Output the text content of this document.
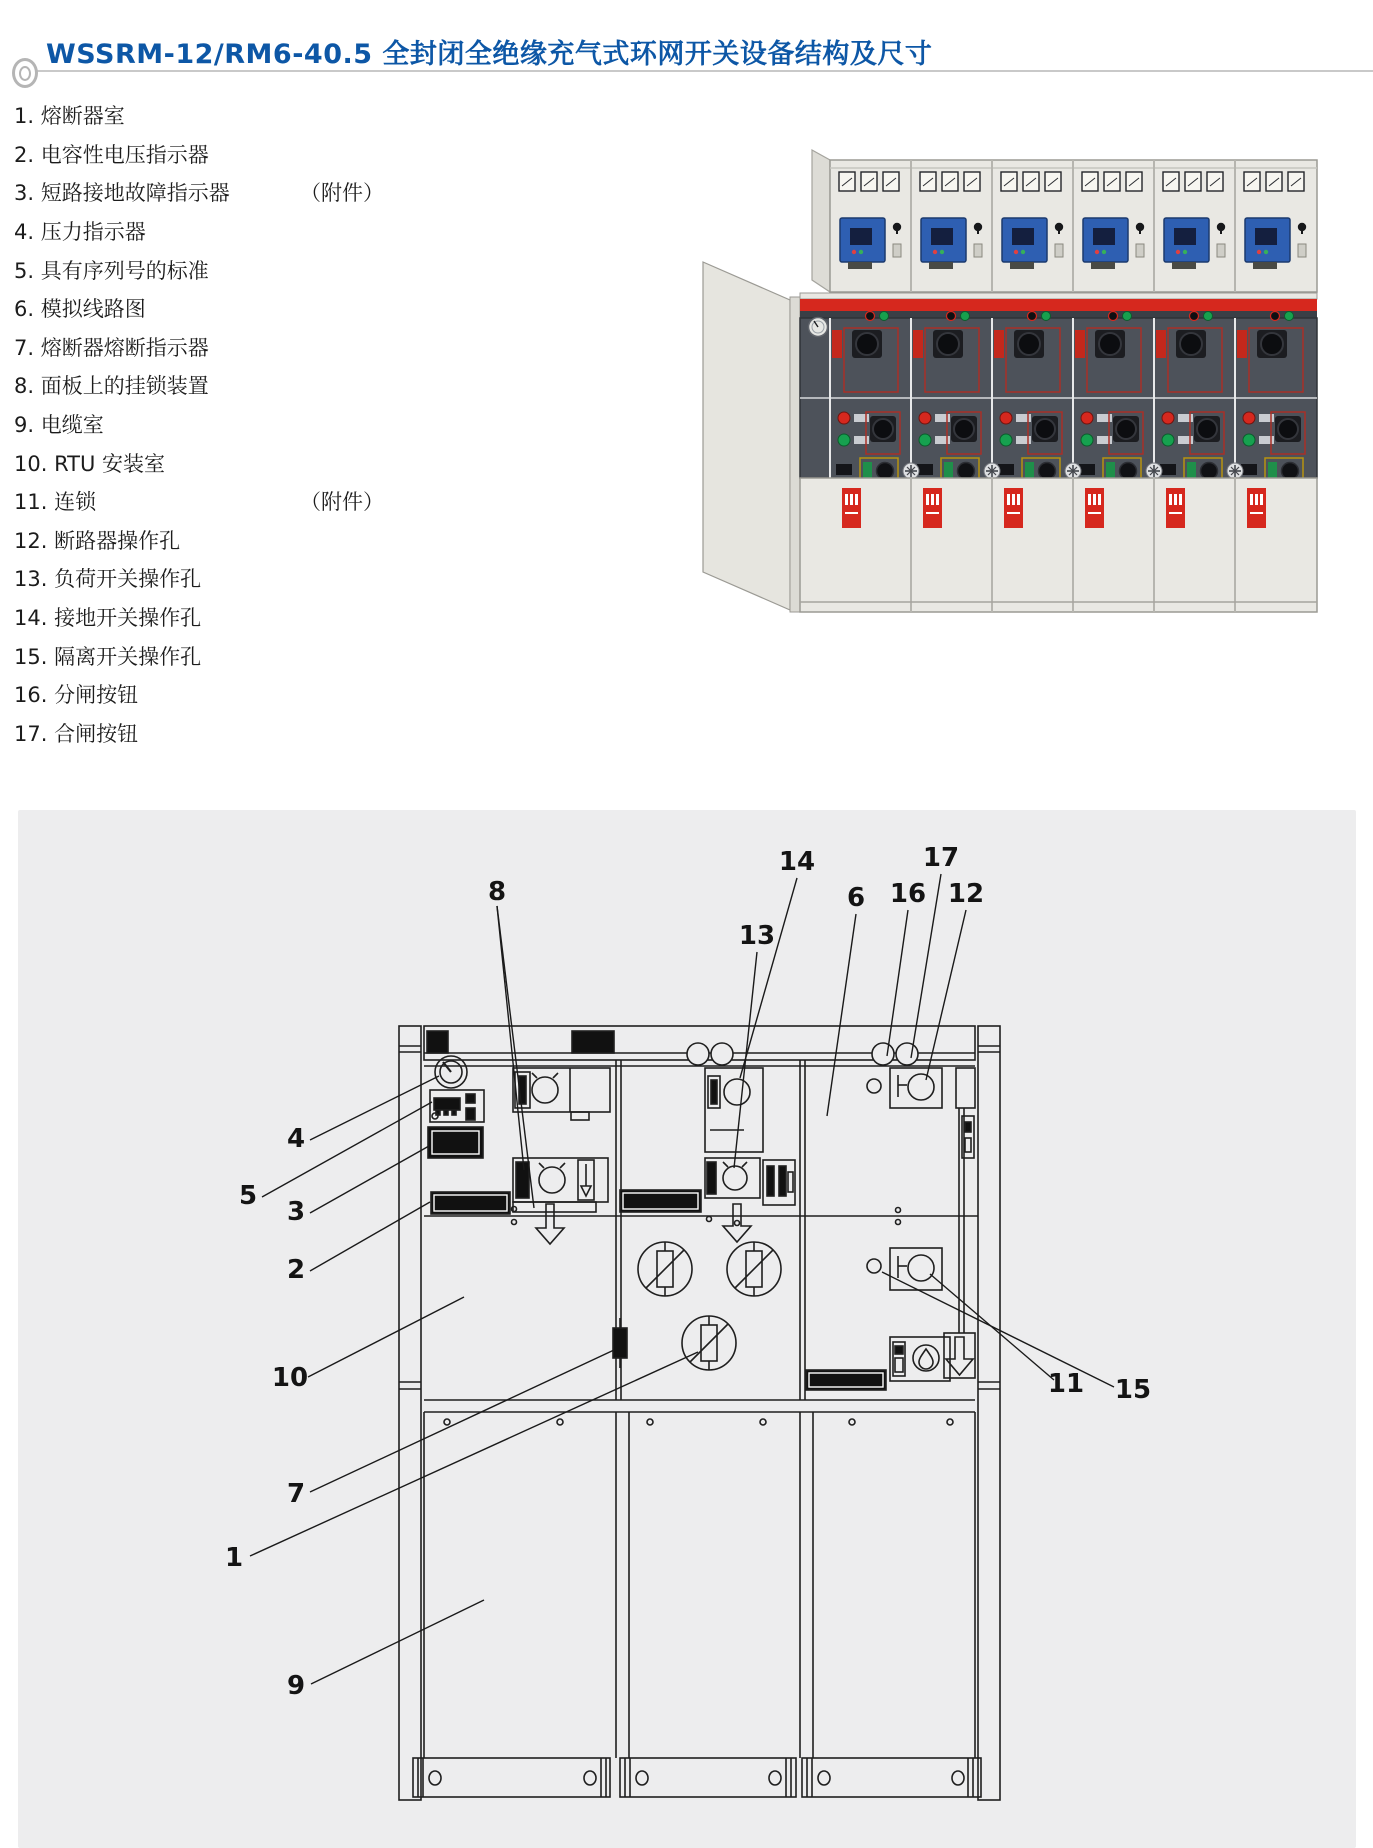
WSSRM-12/RM6-40.5 全封闭全绝缘充气式环网开关设备结构及尺寸
1. 熔断器室
2. 电容性电压指示器
3. 短路接地故障指示器	（附件）
4. 压力指示器
5. 具有序列号的标准
6. 模拟线路图
7. 熔断器熔断指示器
8. 面板上的挂锁装置
9. 电缆室
10. RTU 安装室
11. 连锁	（附件）
12. 断路器操作孔
13. 负荷开关操作孔
14. 接地开关操作孔
15. 隔离开关操作孔
16. 分闸按钮
17. 合闸按钮
8
13
14
6 16
17
12
4
5
3
2
10
7
1
9
11 15
